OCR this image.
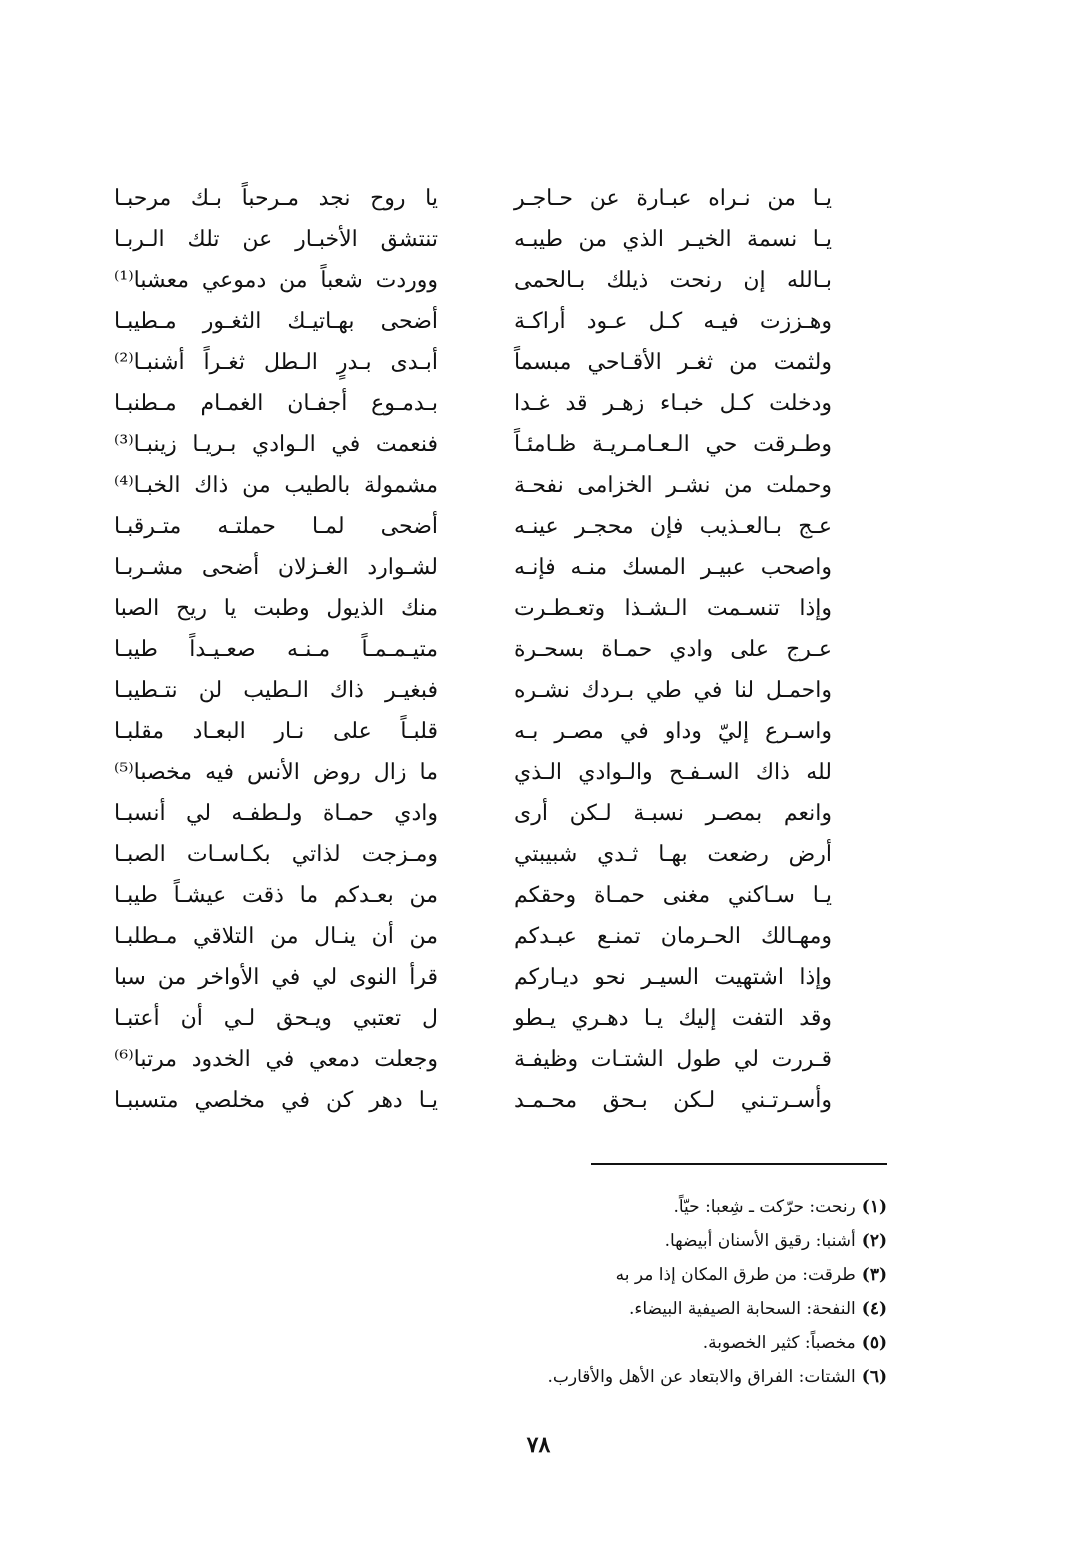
يـا من نـراه عبـارة عن حـاجـر
يا روح نجد مـرحباً بـك مرحبـا
يـا نسمة الخيـر الذي من طيبـه
تنتشق الأخبـار عن تلك الـربـا
بـالله إن رنحت ذيلك بـالحمى
ووردت شعباً من دموعي معشبا⁽¹⁾
وهـززت فيـه كـل عـود أراكـة
أضحى بهـاتيـك الثغـور مـطيبـا
ولثمت من ثغـر الأقـاحي مبسماً
أبـدى بـدرٍ الـطل ثغـراً أشنبـا⁽²⁾
ودخلت كـل خبـاء زهـر قد غـدا
بـدمـوع أجفـان الغمـام مـطنبـا
وطـرقت حي الـعـامـريـة ظـامئـاً
فنعمت في الـوادي بـريـا زينبـا⁽³⁾
وحملت من نشـر الخزامى نفحـة
مشمولة بالطيب من ذاك الخبـا⁽⁴⁾
عـج بـالعـذيب فإن محجـر عينـه
أضحى لمـا حملتـه متـرقبـا
واصحب عبيـر المسك منـه فإنـه
لشـوارد الغـزلان أضحى مشـربـا
وإذا تنسـمت الـشـذا وتعـطـرت
منك الذيول وطبت يا ريح الصبا
عـرج على وادي حمـاة بسحـرة
متيـمـمـاً مـنـه صعـيـداً طيبـا
واحمـل لنا في طي بـردك نشـره
فبغيـر ذاك الـطيب لن نتـطيبـا
واسـرع إليّ وداو في مصـر بـه
قلبـاً على نـار البعـاد مقلبـا
لله ذاك السـفـح والـوادي الـذي
ما زال روض الأنس فيه مخصبا⁽⁵⁾
وانعم بمصـر نسبـة لـكن أرى
وادي حمـاة ولـطفـه لي أنسبـا
أرض رضعت بهـا ثـدي شبيبتي
ومـزجت لذاتي بكـاسـات الصبـا
يـا سـاكني مغنى حمـاة وحقكم
من بعـدكم ما ذقت عيشـاً طيبـا
ومهـالك الحـرمان تمنـع عبـدكم
من أن ينـال من التلاقي مـطلبـا
وإذا اشتهيت السيـر نحو ديـاركم
قرأ النوى لي في الأواخر من سبا
وقد التفت إليك يـا دهـري يـطو
ل تعتبي ويـحق لـي أن أعتبـا
قـررت لي طول الشتـات وظيفـة
وجعلت دمعي في الخدود مرتبا⁽⁶⁾
وأسـرتـني لـكن بـحق محـمـد
يـا دهر كن في مخلصي متسببـا
(١)رنحت: حرّكت ـ شِعبا: حيّاً.
(٢)أشنبا: رقيق الأسنان أبيضها.
(٣)طرقت: من طرق المكان إذا مر به
(٤)النفحة: السحابة الصيفية البيضاء.
(٥)مخصباً: كثير الخصوبة.
(٦)الشتات: الفراق والابتعاد عن الأهل والأقارب.
٧٨
